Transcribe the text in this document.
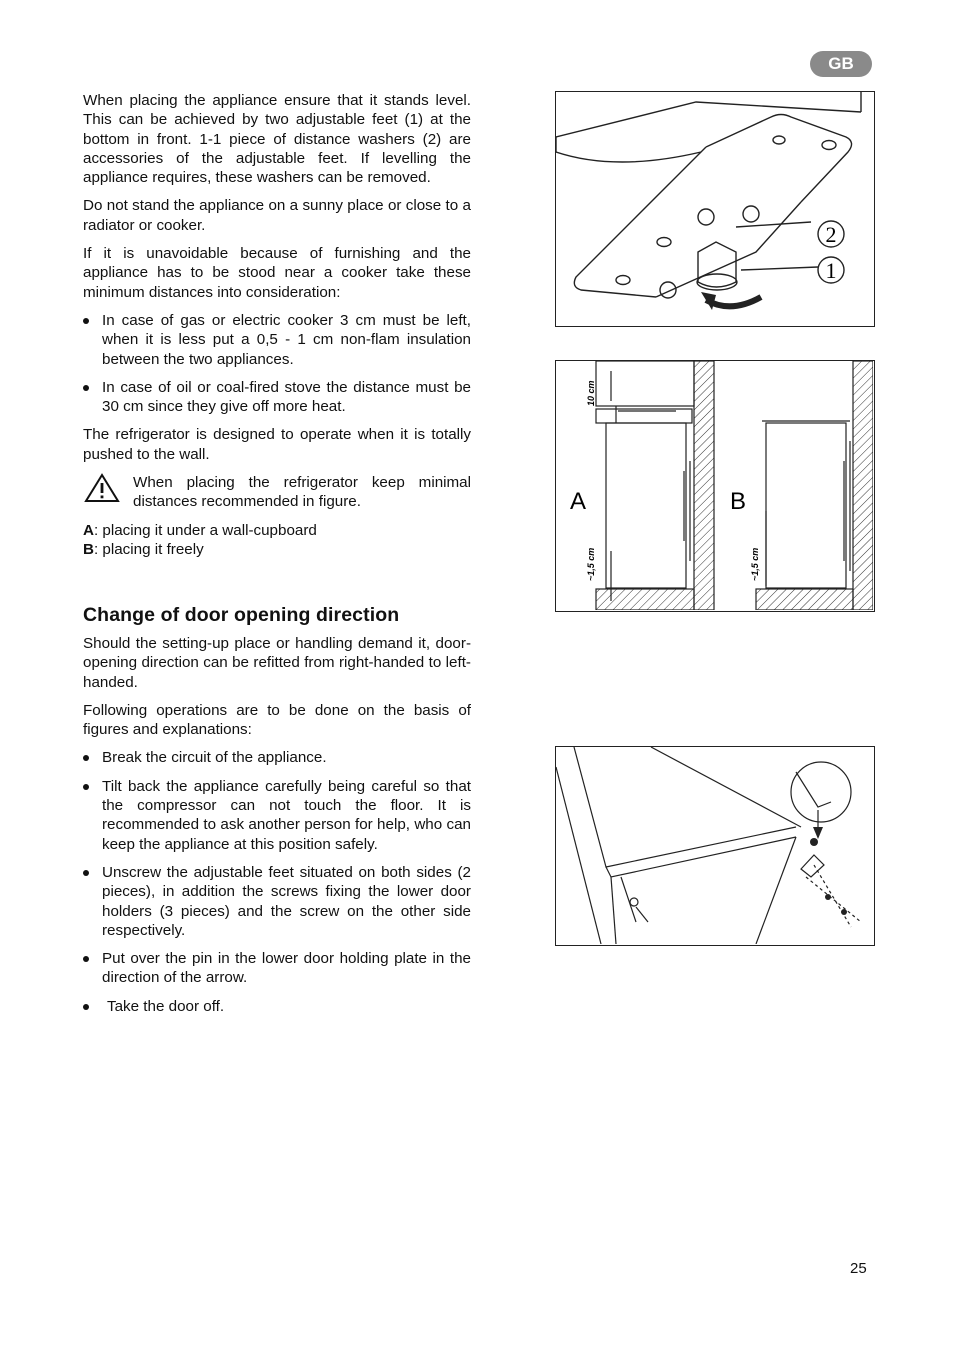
GB

When placing the appliance ensure that it stands level. This can be achieved by two adjustable feet (1) at the bottom in front. 1-1 piece of distance washers (2) are accessories of the adjustable feet. If levelling the appliance requires, these washers can be removed.

Do not stand the appliance on a sunny place or close to a radiator or cooker.

If it is unavoidable because of furnishing and the appliance has to be stood near a cooker take these minimum distances into consideration:

In case of gas or electric cooker 3 cm must be left, when it is less put a 0,5 - 1 cm non-flam insulation between the two appliances.
In case of oil or coal-fired stove the distance must be 30 cm since they give off more heat.

The refrigerator is designed to operate when it is totally pushed to the wall.

When placing the refrigerator keep minimal distances recommended in figure.
A: placing it under a wall-cupboard
B: placing it freely
Change of door opening direction

Should the setting-up place or handling demand it, door-opening direction can be refitted from right-handed to left-handed.

Following operations are to be done on the basis of figures and explanations:

Break the circuit of the appliance.
Tilt back the appliance carefully being careful so that the compressor can not touch the floor. It is recommended to ask another person for help, who can keep the appliance at this position safely.
Unscrew the adjustable feet situated on both sides (2 pieces), in addition the screws fixing the lower door holders (3 pieces) and the screw on the other side respectively.
Put over the pin in the lower door holding plate in the direction of the arrow.
Take the door off.
2
1
A	B
10 cm
~1,5 cm	~1,5 cm
25
